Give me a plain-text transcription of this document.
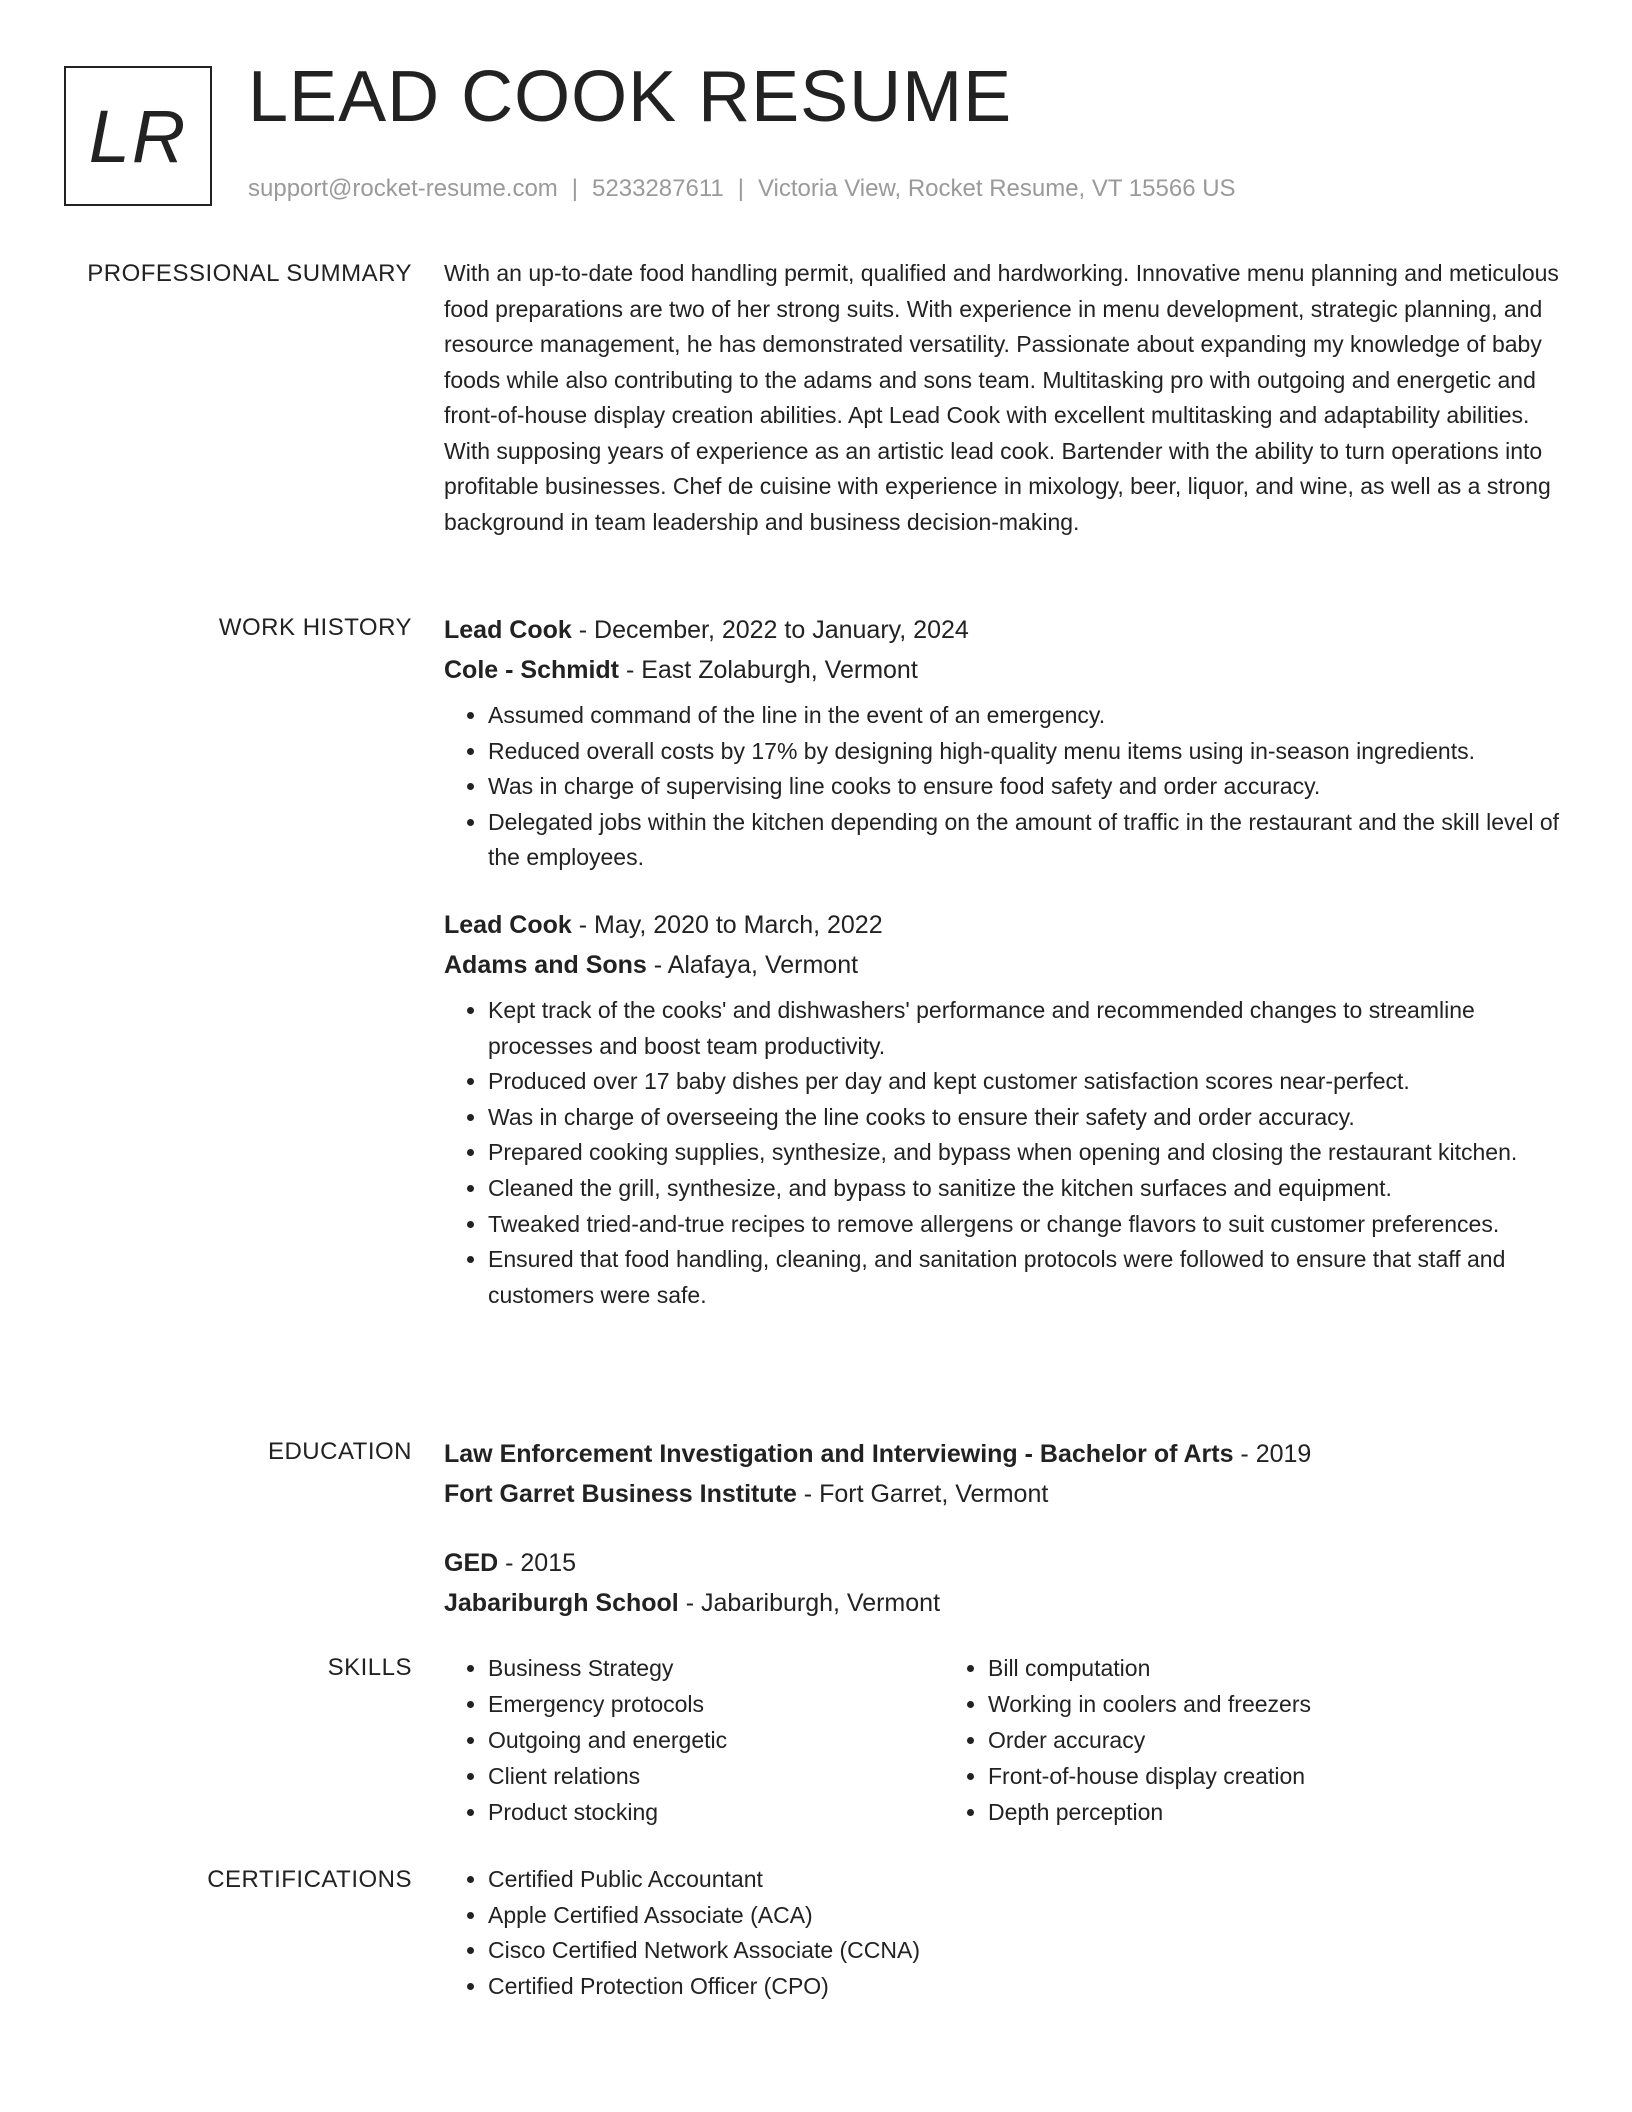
LR LEAD COOK RESUME
support@rocket-resume.com | 5233287611 | Victoria View, Rocket Resume, VT 15566 US
PROFESSIONAL SUMMARY With an up-to-date food handling permit, qualified and hardworking. Innovative menu planning and meticulous food preparations are two of her strong suits. With experience in menu development, strategic planning, and resource management, he has demonstrated versatility. Passionate about expanding my knowledge of baby foods while also contributing to the adams and sons team. Multitasking pro with outgoing and energetic and front-of-house display creation abilities. Apt Lead Cook with excellent multitasking and adaptability abilities. With supposing years of experience as an artistic lead cook. Bartender with the ability to turn operations into profitable businesses. Chef de cuisine with experience in mixology, beer, liquor, and wine, as well as a strong background in team leadership and business decision-making.

WORK HISTORY Lead Cook - December, 2022 to January, 2024

Cole - Schmidt - East Zolaburgh, Vermont

• Assumed command of the line in the event of an emergency.
• Reduced overall costs by 17% by designing high-quality menu items using in-season ingredients.
• Was in charge of supervising line cooks to ensure food safety and order accuracy.
• Delegated jobs within the kitchen depending on the amount of traffic in the restaurant and the skill level of the employees.

Lead Cook - May, 2020 to March, 2022

Adams and Sons - Alafaya, Vermont

• Kept track of the cooks' and dishwashers' performance and recommended changes to streamline processes and boost team productivity.
• Produced over 17 baby dishes per day and kept customer satisfaction scores near-perfect.
• Was in charge of overseeing the line cooks to ensure their safety and order accuracy.
• Prepared cooking supplies, synthesize, and bypass when opening and closing the restaurant kitchen.
• Cleaned the grill, synthesize, and bypass to sanitize the kitchen surfaces and equipment.
• Tweaked tried-and-true recipes to remove allergens or change flavors to suit customer preferences.
• Ensured that food handling, cleaning, and sanitation protocols were followed to ensure that staff and customers were safe.
EDUCATION Law Enforcement Investigation and Interviewing - Bachelor of Arts - 2019

Fort Garret Business Institute - Fort Garret, Vermont

GED - 2015

Jabariburgh School - Jabariburgh, Vermont

SKILLS	• Business Strategy
• Emergency protocols
• Outgoing and energetic
• Client relations
• Product stocking
• Bill computation
• Working in coolers and freezers
• Order accuracy
• Front-of-house display creation
• Depth perception
CERTIFICATIONS	• Certified Public Accountant
• Apple Certified Associate (ACA)
• Cisco Certified Network Associate (CCNA)
• Certified Protection Officer (CPO)
